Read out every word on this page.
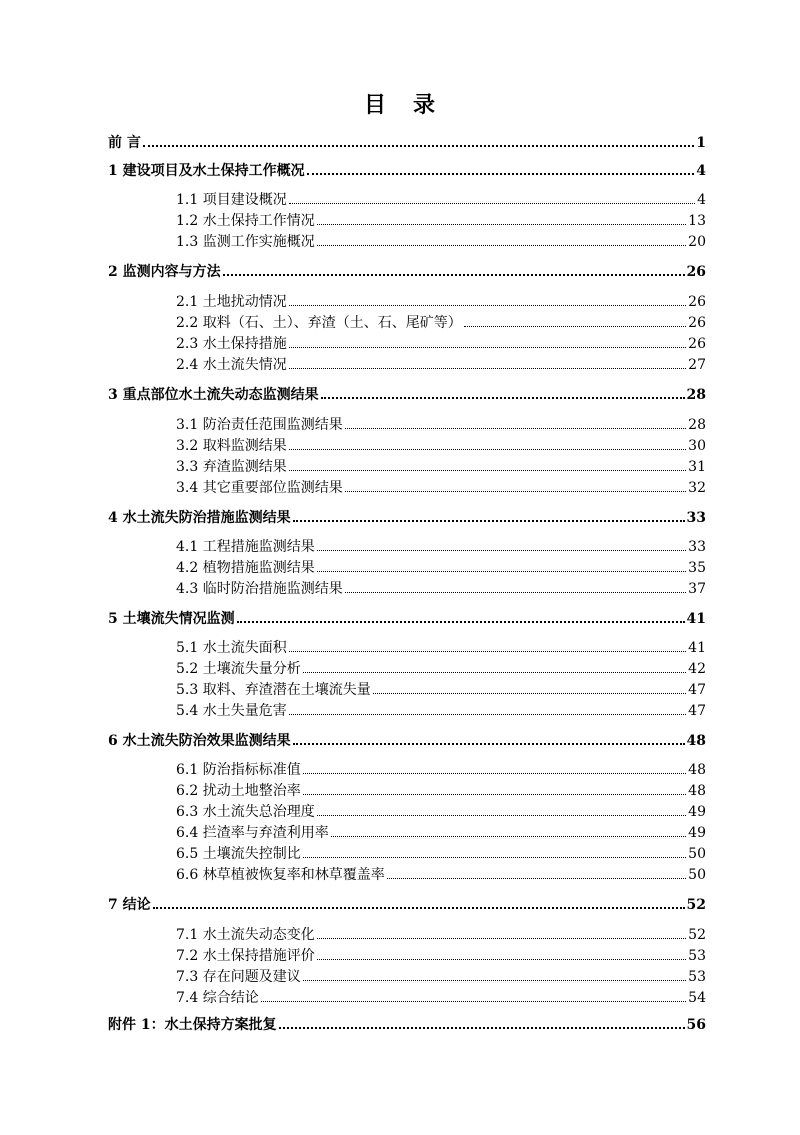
目 录
前 言	1
1 建设项目及水土保持工作概况	4
1.1 项目建设概况	4
1.2 水土保持工作情况	13
1.3 监测工作实施概况	20
2 监测内容与方法	26
2.1 土地扰动情况	26
2.2 取料（石、土）、弃渣（土、石、尾矿等）	26
2.3 水土保持措施	26
2.4 水土流失情况	27
3 重点部位水土流失动态监测结果	28
3.1 防治责任范围监测结果	28
3.2 取料监测结果	30
3.3 弃渣监测结果	31
3.4 其它重要部位监测结果	32
4 水土流失防治措施监测结果	33
4.1 工程措施监测结果	33
4.2 植物措施监测结果	35
4.3 临时防治措施监测结果	37
5 土壤流失情况监测	41
5.1 水土流失面积	41
5.2 土壤流失量分析	42
5.3 取料、弃渣潜在土壤流失量	47
5.4 水土失量危害	47
6 水土流失防治效果监测结果	48
6.1 防治指标标准值	48
6.2 扰动土地整治率	48
6.3 水土流失总治理度	49
6.4 拦渣率与弃渣利用率	49
6.5 土壤流失控制比	50
6.6 林草植被恢复率和林草覆盖率	50
7 结论	52
7.1 水土流失动态变化	52
7.2 水土保持措施评价	53
7.3 存在问题及建议	53
7.4 综合结论	54
附件 1：水土保持方案批复	56
